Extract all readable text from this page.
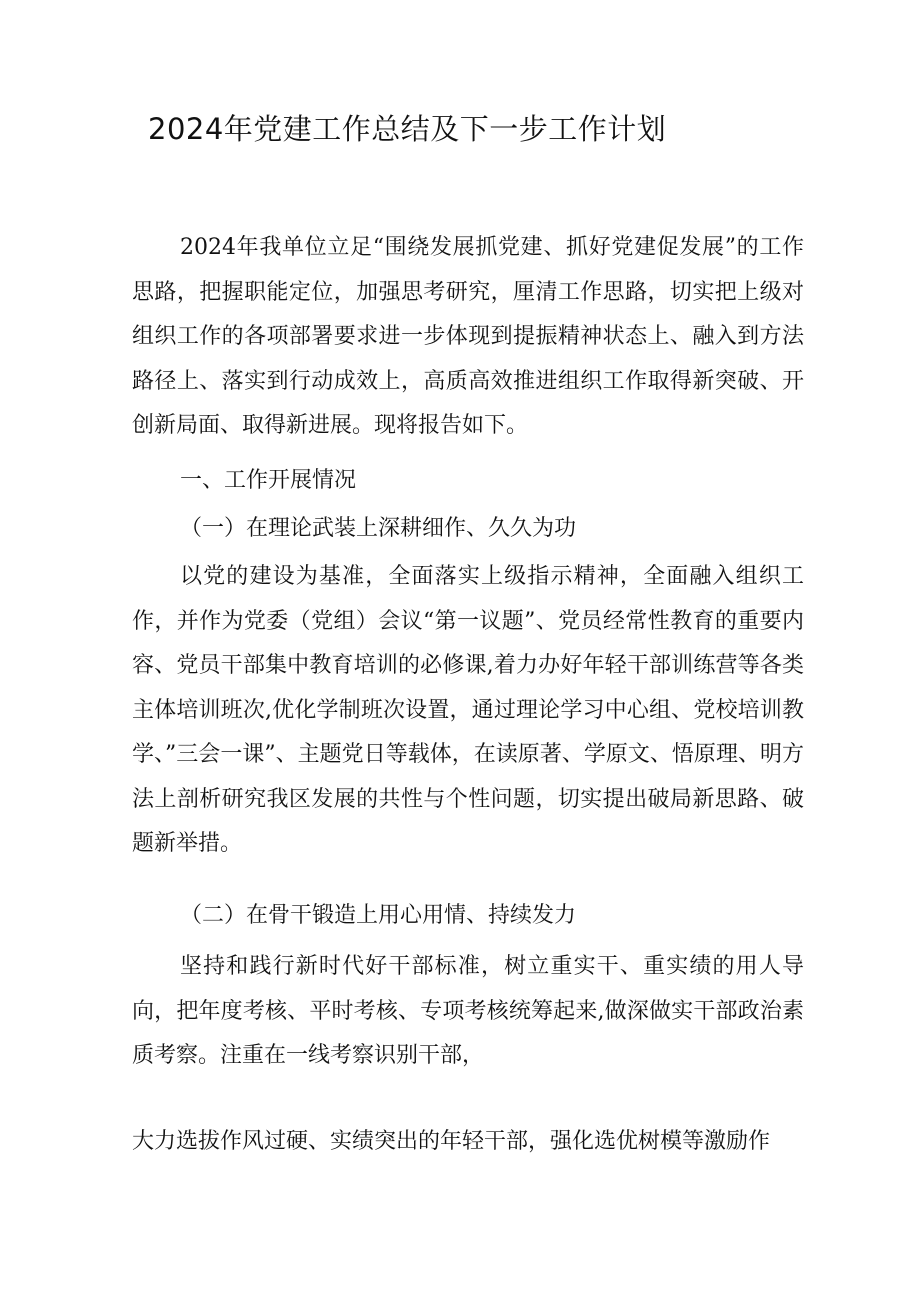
2024年党建工作总结及下一步工作计划

2024年我单位立足“围绕发展抓党建、抓好党建促发展”的工作思路，把握职能定位，加强思考研究，厘清工作思路，切实把上级对组织工作的各项部署要求进一步体现到提振精神状态上、融入到方法路径上、落实到行动成效上，高质高效推进组织工作取得新突破、开创新局面、取得新进展。现将报告如下。

一、工作开展情况

（一）在理论武装上深耕细作、久久为功

以党的建设为基准，全面落实上级指示精神，全面融入组织工作，并作为党委（党组）会议“第一议题”、党员经常性教育的重要内容、党员干部集中教育培训的必修课,着力办好年轻干部训练营等各类主体培训班次,优化学制班次设置，通过理论学习中心组、党校培训教学、”三会一课”、主题党日等载体，在读原著、学原文、悟原理、明方法上剖析研究我区发展的共性与个性问题，切实提出破局新思路、破题新举措。

（二）在骨干锻造上用心用情、持续发力

坚持和践行新时代好干部标准，树立重实干、重实绩的用人导向，把年度考核、平时考核、专项考核统筹起来,做深做实干部政治素质考察。注重在一线考察识别干部，

大力选拔作风过硬、实绩突出的年轻干部，强化选优树模等激励作
